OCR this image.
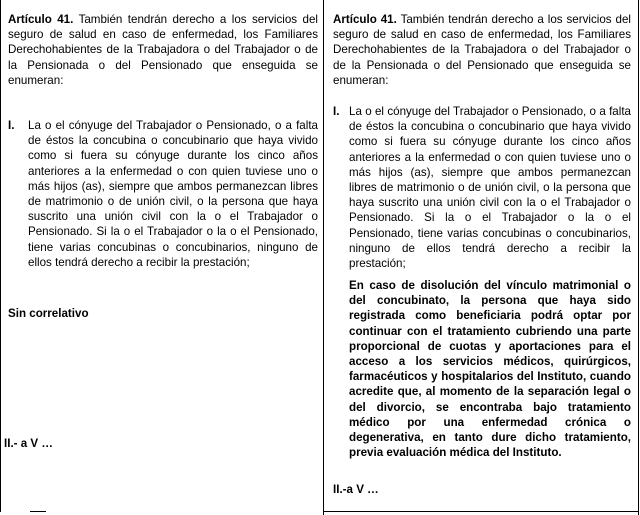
Artículo 41. También tendrán derecho a los servicios del seguro de salud en caso de enfermedad, los Familiares Derechohabientes de la Trabajadora o del Trabajador o de la Pensionada o del Pensionado que enseguida se enumeran:

I. La o el cónyuge del Trabajador o Pensionado, o a falta de éstos la concubina o concubinario que haya vivido como si fuera su cónyuge durante los cinco años anteriores a la enfermedad o con quien tuviese uno o más hijos (as), siempre que ambos permanezcan libres de matrimonio o de unión civil, o la persona que haya suscrito una unión civil con la o el Trabajador o Pensionado. Si la o el Trabajador o la o el Pensionado, tiene varias concubinas o concubinarios, ninguno de ellos tendrá derecho a recibir la prestación;

Sin correlativo

II.- a V …

Artículo 41. También tendrán derecho a los servicios del seguro de salud en caso de enfermedad, los Familiares Derechohabientes de la Trabajadora o del Trabajador o de la Pensionada o del Pensionado que enseguida se enumeran:

I. La o el cónyuge del Trabajador o Pensionado, o a falta de éstos la concubina o concubinario que haya vivido como si fuera su cónyuge durante los cinco años anteriores a la enfermedad o con quien tuviese uno o más hijos (as), siempre que ambos permanezcan libres de matrimonio o de unión civil, o la persona que haya suscrito una unión civil con la o el Trabajador o Pensionado. Si la o el Trabajador o la o el Pensionado, tiene varias concubinas o concubinarios, ninguno de ellos tendrá derecho a recibir la prestación;

En caso de disolución del vínculo matrimonial o del concubinato, la persona que haya sido registrada como beneficiaria podrá optar por continuar con el tratamiento cubriendo una parte proporcional de cuotas y aportaciones para el acceso a los servicios médicos, quirúrgicos, farmacéuticos y hospitalarios del Instituto, cuando acredite que, al momento de la separación legal o del divorcio, se encontraba bajo tratamiento médico por una enfermedad crónica o degenerativa, en tanto dure dicho tratamiento, previa evaluación médica del Instituto.

II.-a V …
